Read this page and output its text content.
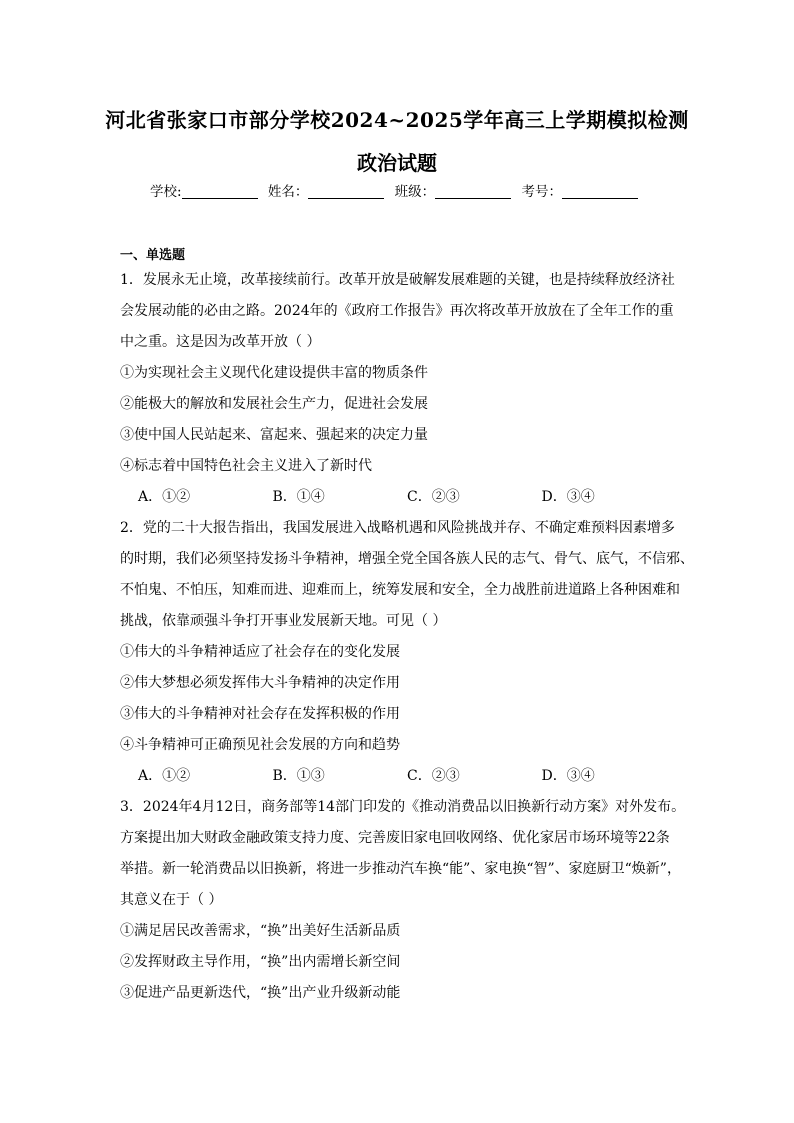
河北省张家口市部分学校2024~2025学年高三上学期模拟检测
政治试题
学校:	姓名：	班级：	考号：
一、单选题
1．发展永无止境，改革接续前行。改革开放是破解发展难题的关键，也是持续释放经济社
会发展动能的必由之路。2024年的《政府工作报告》再次将改革开放放在了全年工作的重
中之重。这是因为改革开放（ ）
①为实现社会主义现代化建设提供丰富的物质条件
②能极大的解放和发展社会生产力，促进社会发展
③使中国人民站起来、富起来、强起来的决定力量
④标志着中国特色社会主义进入了新时代
A．①②	B．①④	C．②③	D．③④
2．党的二十大报告指出，我国发展进入战略机遇和风险挑战并存、不确定难预料因素增多
的时期，我们必须坚持发扬斗争精神，增强全党全国各族人民的志气、骨气、底气，不信邪、
不怕鬼、不怕压，知难而进、迎难而上，统筹发展和安全，全力战胜前进道路上各种困难和
挑战，依靠顽强斗争打开事业发展新天地。可见（ ）
①伟大的斗争精神适应了社会存在的变化发展
②伟大梦想必须发挥伟大斗争精神的决定作用
③伟大的斗争精神对社会存在发挥积极的作用
④斗争精神可正确预见社会发展的方向和趋势
A．①②	B．①③	C．②③	D．③④
3．2024年4月12日，商务部等14部门印发的《推动消费品以旧换新行动方案》对外发布。
方案提出加大财政金融政策支持力度、完善废旧家电回收网络、优化家居市场环境等22条
举措。新一轮消费品以旧换新，将进一步推动汽车换“能”、家电换“智”、家庭厨卫“焕新”，
其意义在于（ ）
①满足居民改善需求，“换”出美好生活新品质
②发挥财政主导作用，“换”出内需增长新空间
③促进产品更新迭代，“换”出产业升级新动能
